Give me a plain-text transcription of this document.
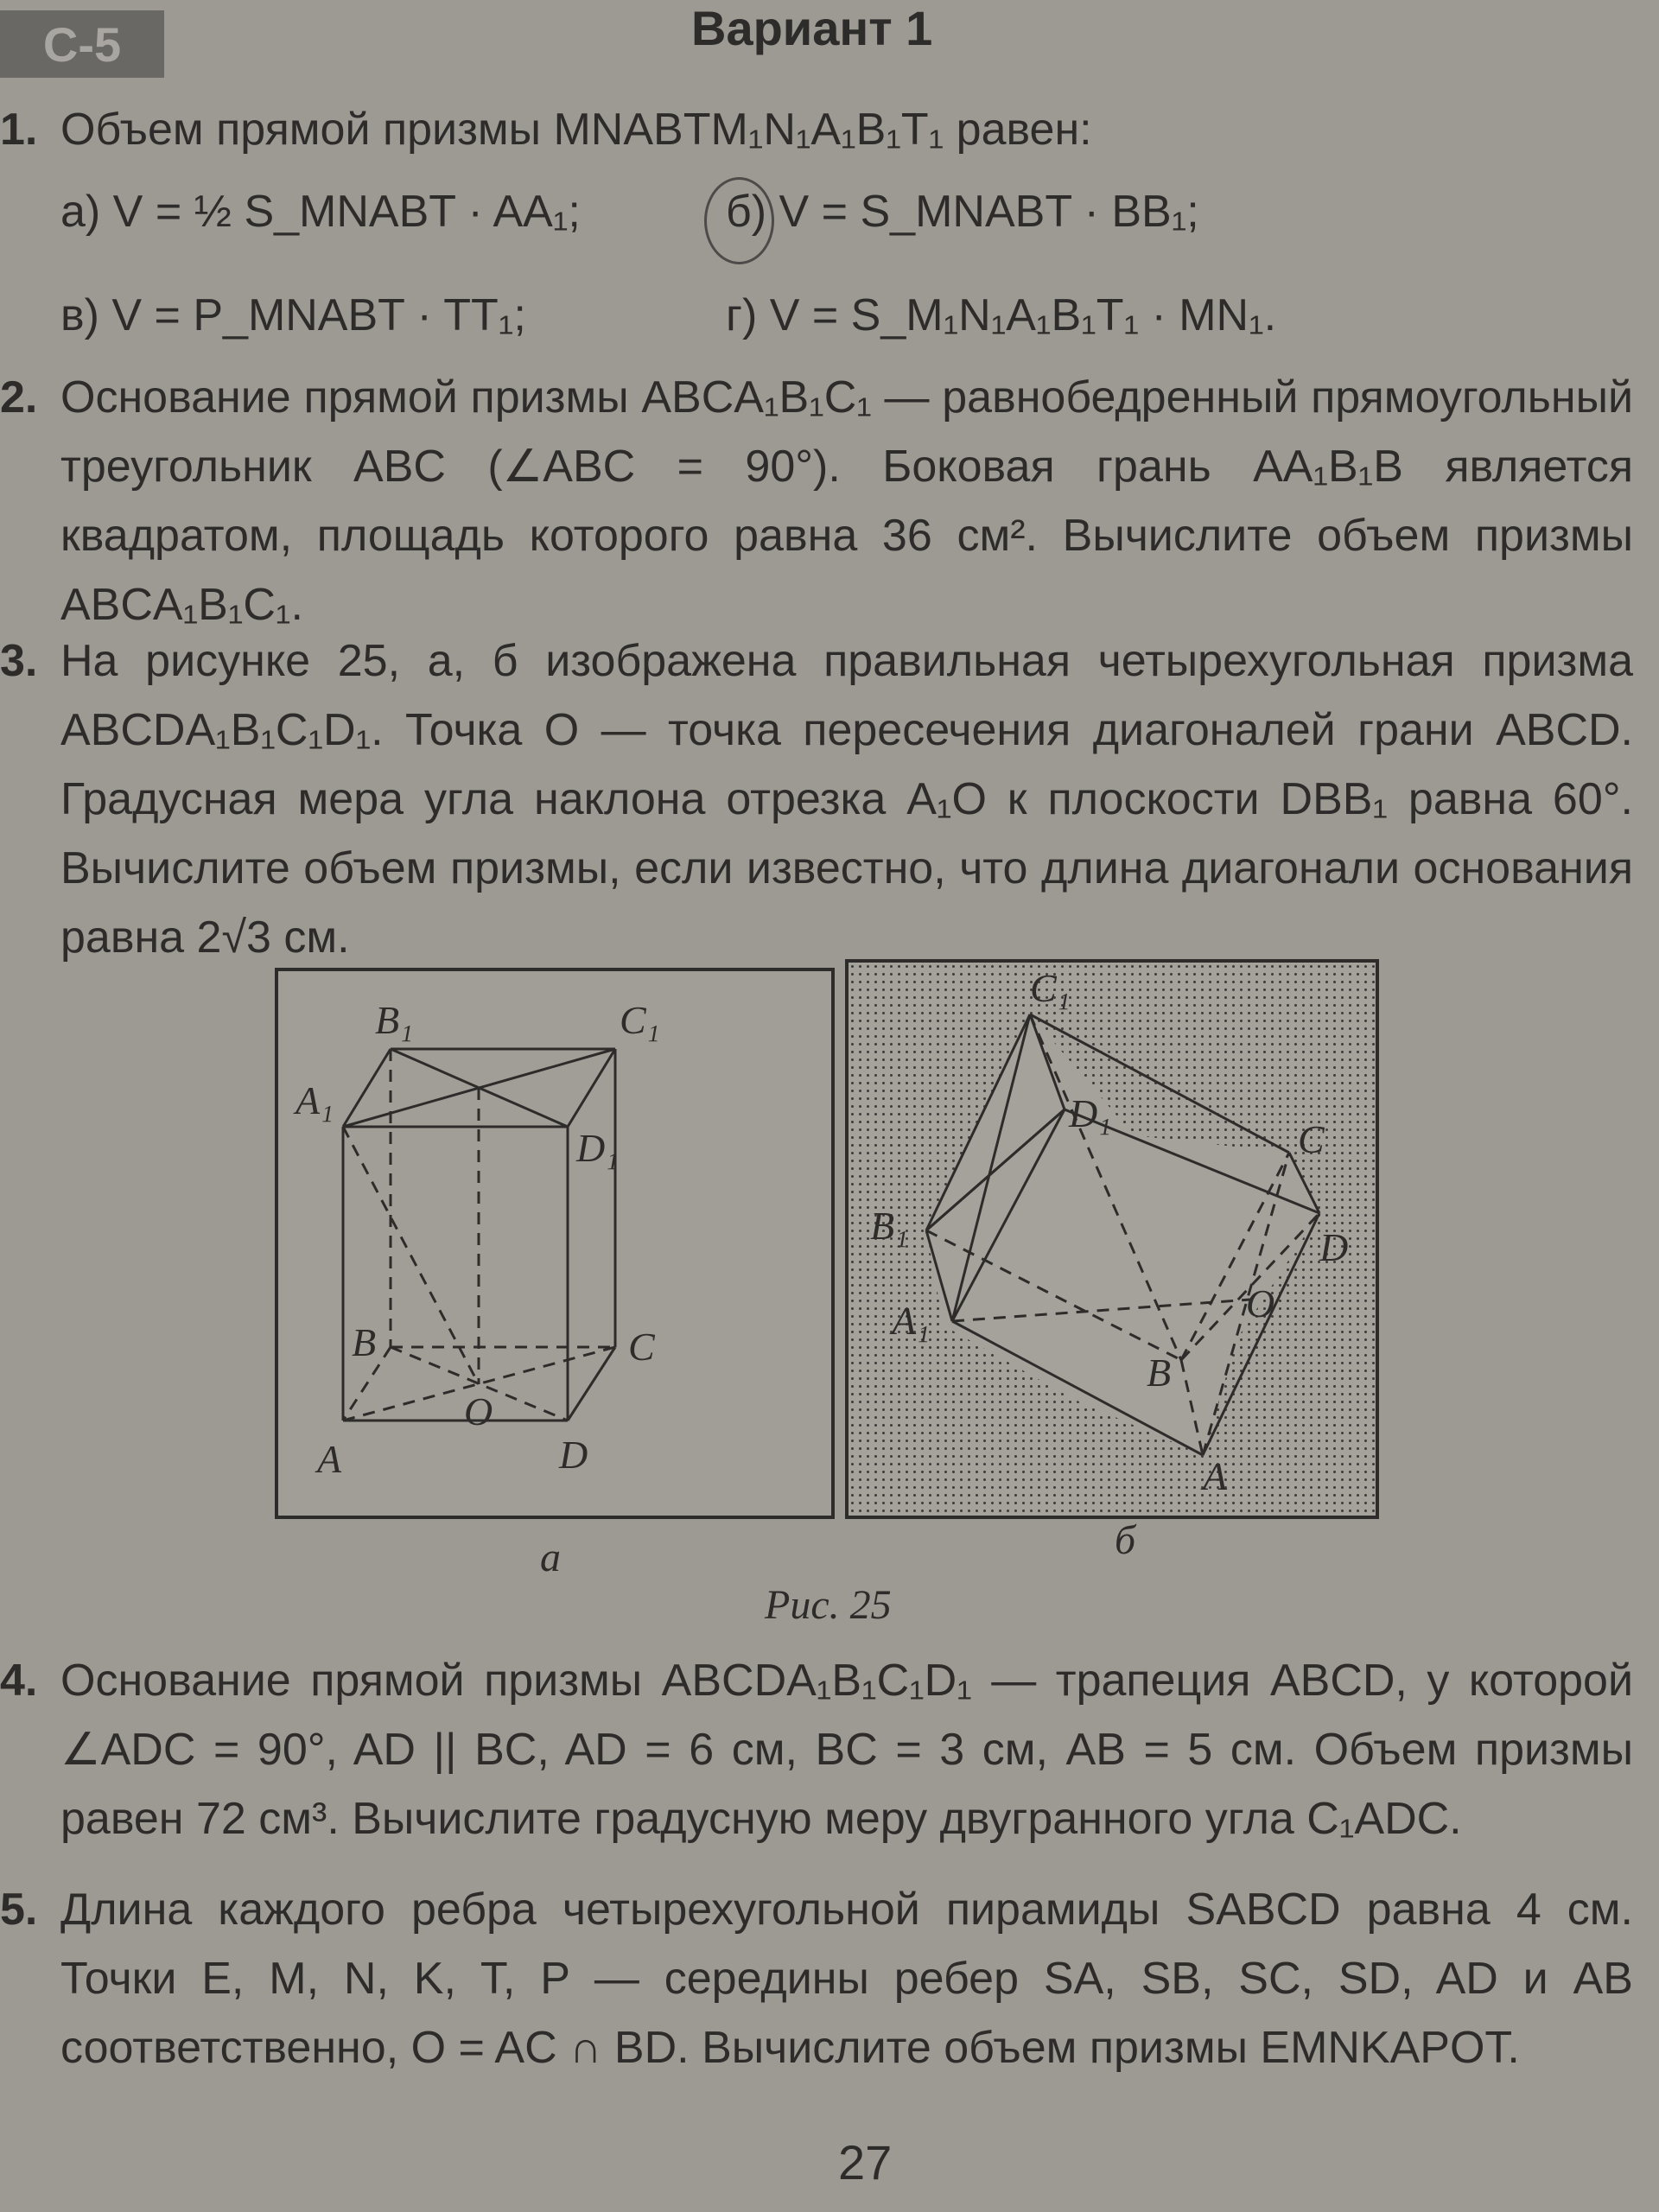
С-5	Вариант 1
1. Объем прямой призмы MNABTM₁N₁A₁B₁T₁ равен:
а) V = ½ S_MNABT · AA₁;	б) V = S_MNABT · BB₁;
в) V = P_MNABT · TT₁;	г) V = S_M₁N₁A₁B₁T₁ · MN₁.
2. Основание прямой призмы ABCA₁B₁C₁ — равнобедренный прямоугольный треугольник ABC (∠ABC = 90°). Боковая грань AA₁B₁B является квадратом, площадь которого равна 36 см². Вычислите объем призмы ABCA₁B₁C₁.
3. На рисунке 25, а, б изображена правильная четырехугольная призма ABCDA₁B₁C₁D₁. Точка O — точка пересечения диагоналей грани ABCD. Градусная мера угла наклона отрезка A₁O к плоскости DBB₁ равна 60°. Вычислите объем призмы, если известно, что длина диагонали основания равна 2√3 см.
B₁	C₁
A₁
D₁
B	C
O
A	D
C₁
D₁
C
B₁	D
A₁	O
B
A
а	б
Рис. 25
4. Основание прямой призмы ABCDA₁B₁C₁D₁ — трапеция ABCD, у которой ∠ADC = 90°, AD || BC, AD = 6 см, BC = 3 см, AB = 5 см. Объем призмы равен 72 см³. Вычислите градусную меру двугранного угла C₁ADC.
5. Длина каждого ребра четырехугольной пирамиды SABCD равна 4 см. Точки E, M, N, K, T, P — середины ребер SA, SB, SC, SD, AD и AB соответственно, O = AC ∩ BD. Вычислите объем призмы EMNKAPOT.
27
